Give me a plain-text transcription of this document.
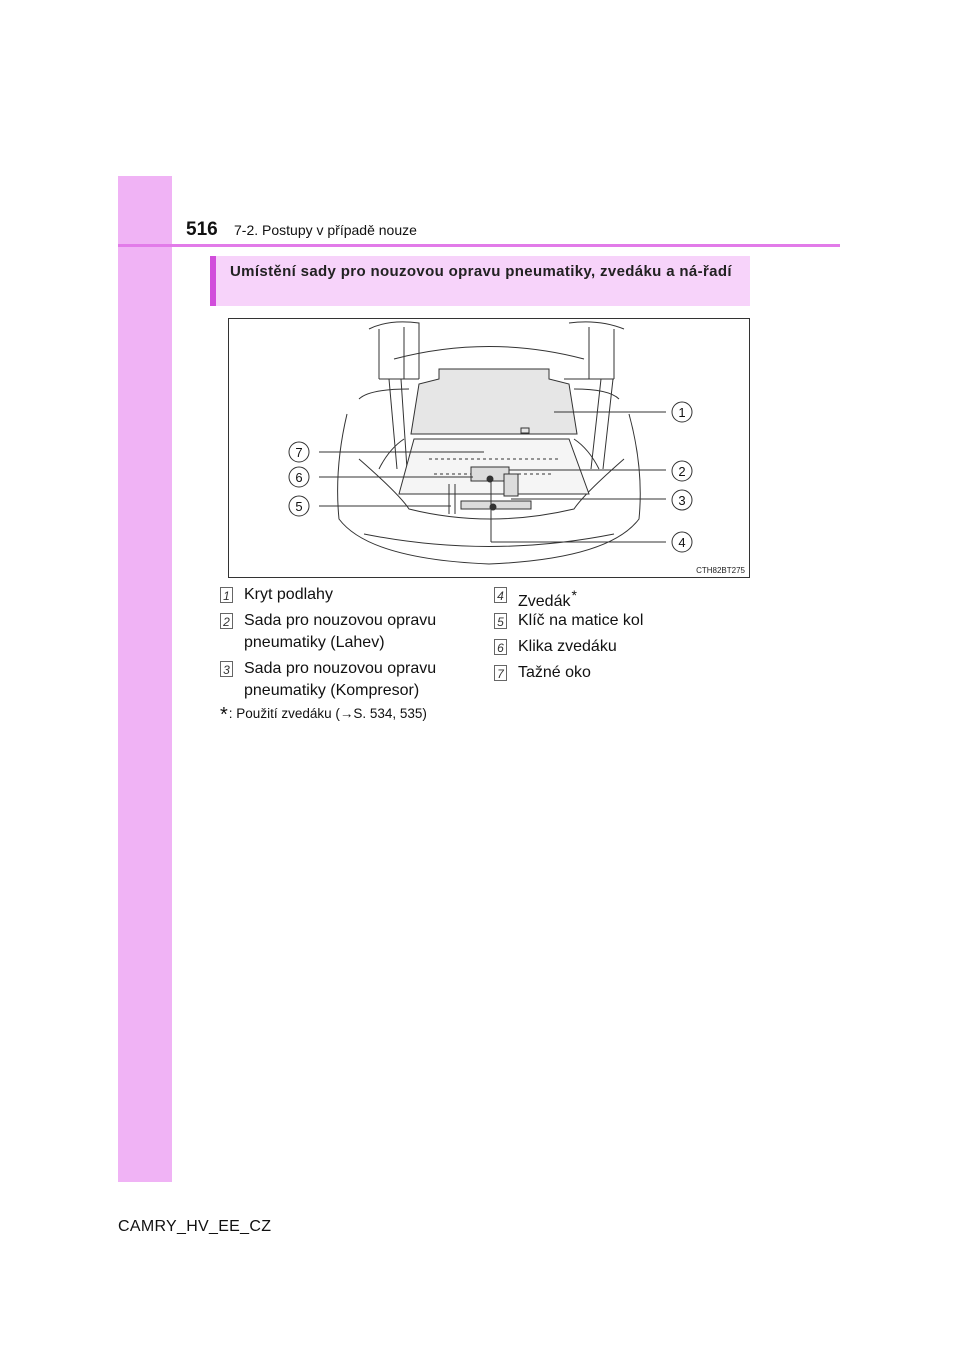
516 7-2. Postupy v případě nouze
Umístění sady pro nouzovou opravu pneumatiky, zvedáku a ná-řadí
1
2
3
4
5
6
7
CTH82BT275
1 Kryt podlahy
2 Sada pro nouzovou opravu pneumatiky (Lahev)
3 Sada pro nouzovou opravu pneumatiky (Kompresor)
4 Zvedák*
5 Klíč na matice kol
6 Klika zvedáku
7 Tažné oko
*: Použití zvedáku (→S. 534, 535)
CAMRY_HV_EE_CZ
